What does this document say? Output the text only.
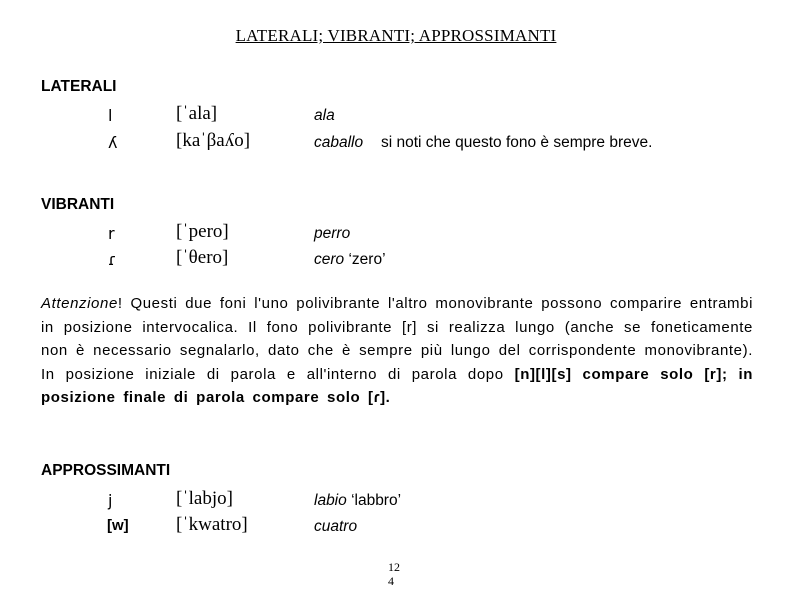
LATERALI; VIBRANTI; APPROSSIMANTI
LATERALI
l	[ˈala]	ala
ʎ	[kaˈβaʎo]	caballo si noti che questo fono è sempre breve.
VIBRANTI
r	[ˈpero]	perro
ɾ	[ˈθero]	cero ‘zero’
Attenzione! Questi due foni l'uno polivibrante l'altro monovibrante possono comparire entrambi in posizione intervocalica. Il fono polivibrante [r] si realizza lungo (anche se foneticamente non è necessario segnalarlo, dato che è sempre più lungo del corrispondente monovibrante). In posizione iniziale di parola e all'interno di parola dopo [n][l][s] compare solo [r]; in posizione finale di parola compare solo [ɾ].
APPROSSIMANTI
j	[ˈlabjo]	labio ‘labbro’
[w] [ˈkwatro]	cuatro
12
4
